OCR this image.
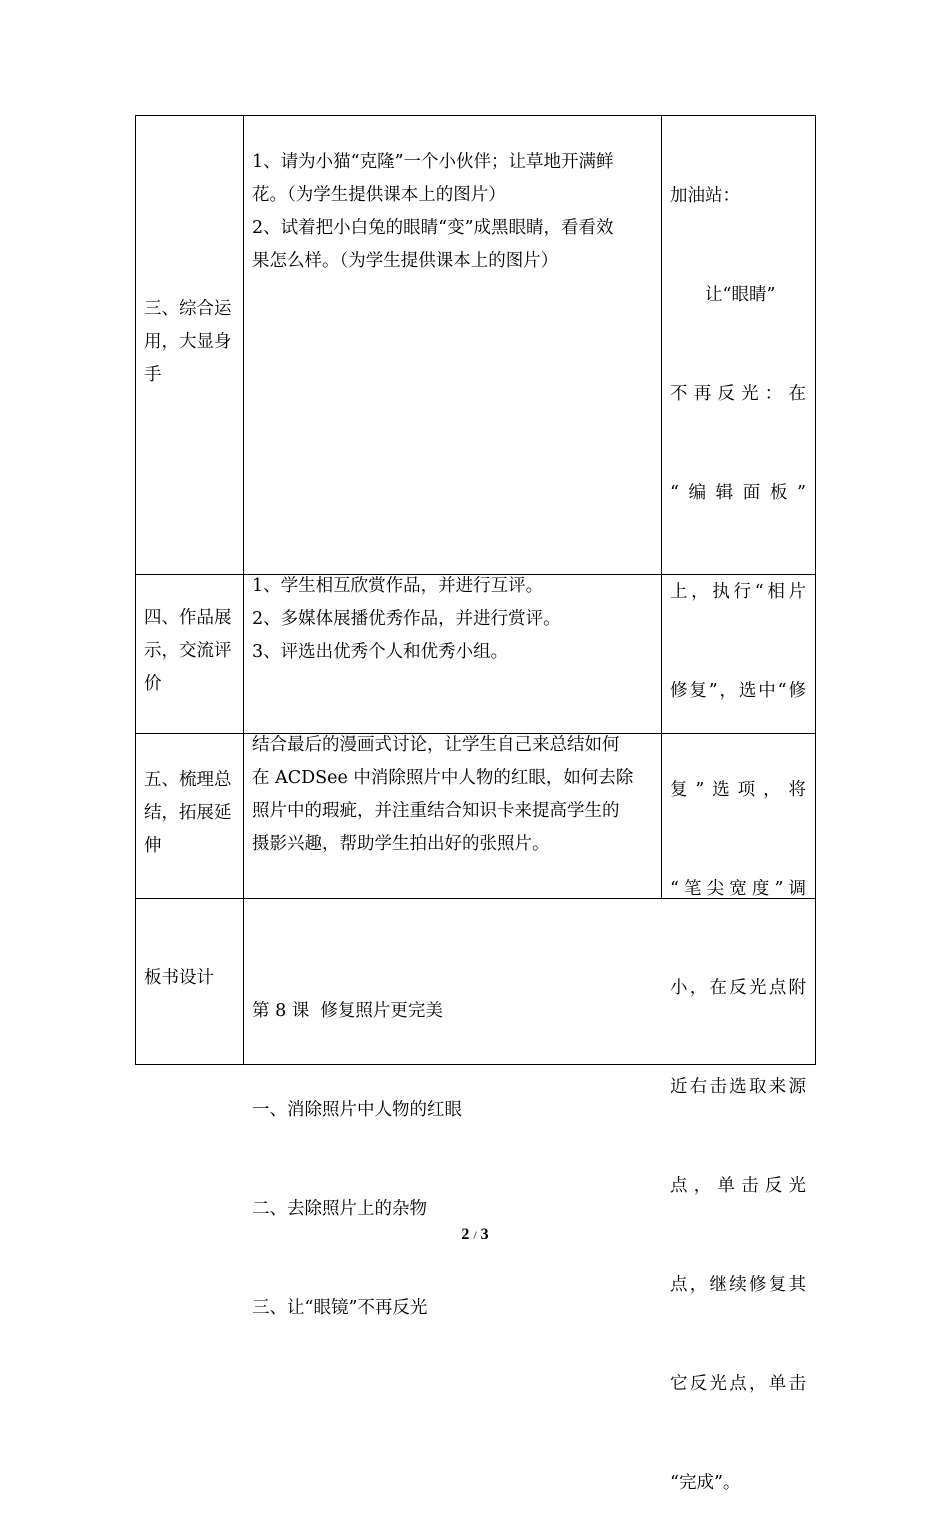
三、综合运
用，大显身
手
1、请为小猫“克隆”一个小伙伴；让草地开满鲜
花。（为学生提供课本上的图片）
2、试着把小白兔的眼睛“变”成黑眼睛，看看效
果怎么样。（为学生提供课本上的图片）

加油站：

　　让“眼睛”

不再反光：在

“编辑面板”

上，执行“相片

修复”，选中“修

复”选项，将

“笔尖宽度”调

小，在反光点附

近右击选取来源

点，单击反光

点，继续修复其

它反光点，单击

“完成”。

四、作品展
示，交流评
价
1、学生相互欣赏作品，并进行互评。
2、多媒体展播优秀作品，并进行赏评。
3、评选出优秀个人和优秀小组。
五、梳理总
结，拓展延
伸
结合最后的漫画式讨论，让学生自己来总结如何
在 ACDSee 中消除照片中人物的红眼，如何去除
照片中的瑕疵，并注重结合知识卡来提高学生的
摄影兴趣，帮助学生拍出好的张照片。
板书设计

第 8 课  修复照片更完美

一、消除照片中人物的红眼

二、去除照片上的杂物

三、让“眼镜”不再反光

2 / 3
